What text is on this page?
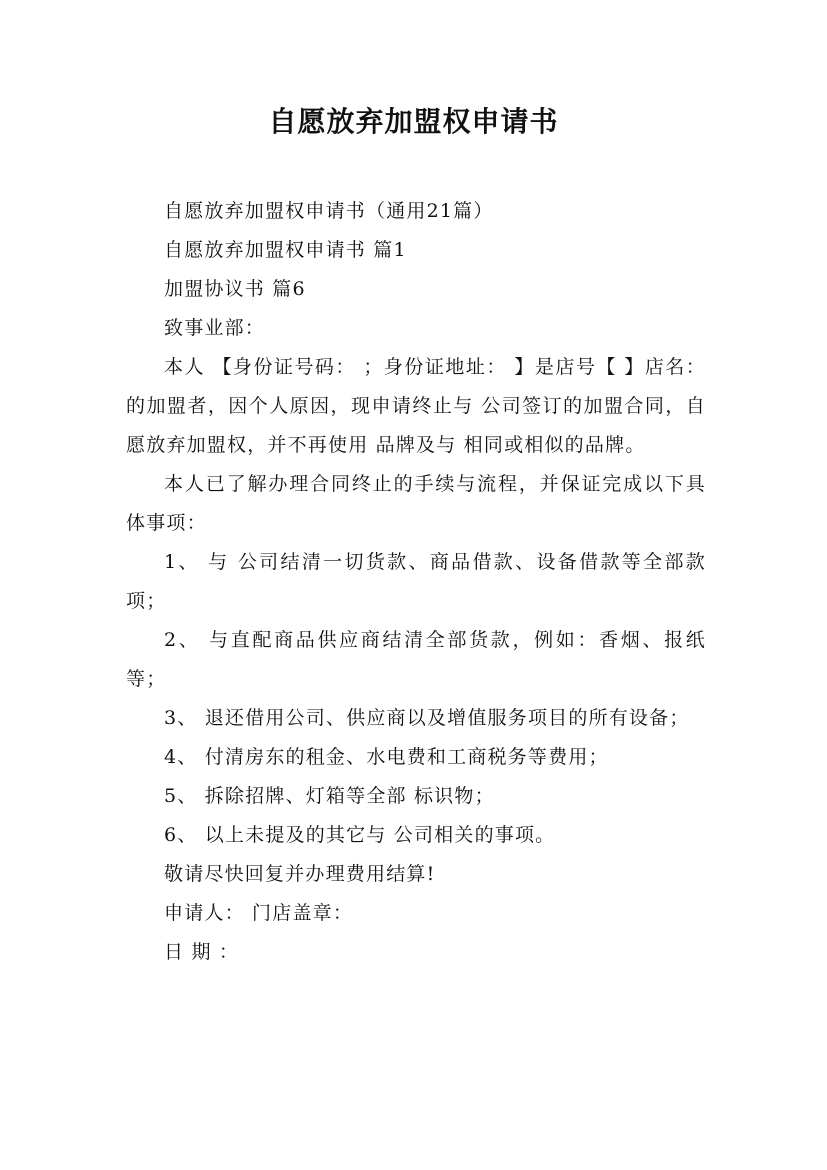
自愿放弃加盟权申请书

自愿放弃加盟权申请书（通用21篇）

自愿放弃加盟权申请书 篇1

加盟协议书 篇6

致事业部：

本人 【身份证号码： ；身份证地址： 】是店号【 】店名： 的加盟者，因个人原因，现申请终止与 公司签订的加盟合同，自愿放弃加盟权，并不再使用 品牌及与 相同或相似的品牌。

本人已了解办理合同终止的手续与流程，并保证完成以下具体事项：

1、 与 公司结清一切货款、商品借款、设备借款等全部款项；

2、 与直配商品供应商结清全部货款，例如：香烟、报纸等；

3、 退还借用公司、供应商以及增值服务项目的所有设备；

4、 付清房东的租金、水电费和工商税务等费用；

5、 拆除招牌、灯箱等全部 标识物；

6、 以上未提及的其它与 公司相关的事项。

敬请尽快回复并办理费用结算!

申请人： 门店盖章：

日 期 ：
